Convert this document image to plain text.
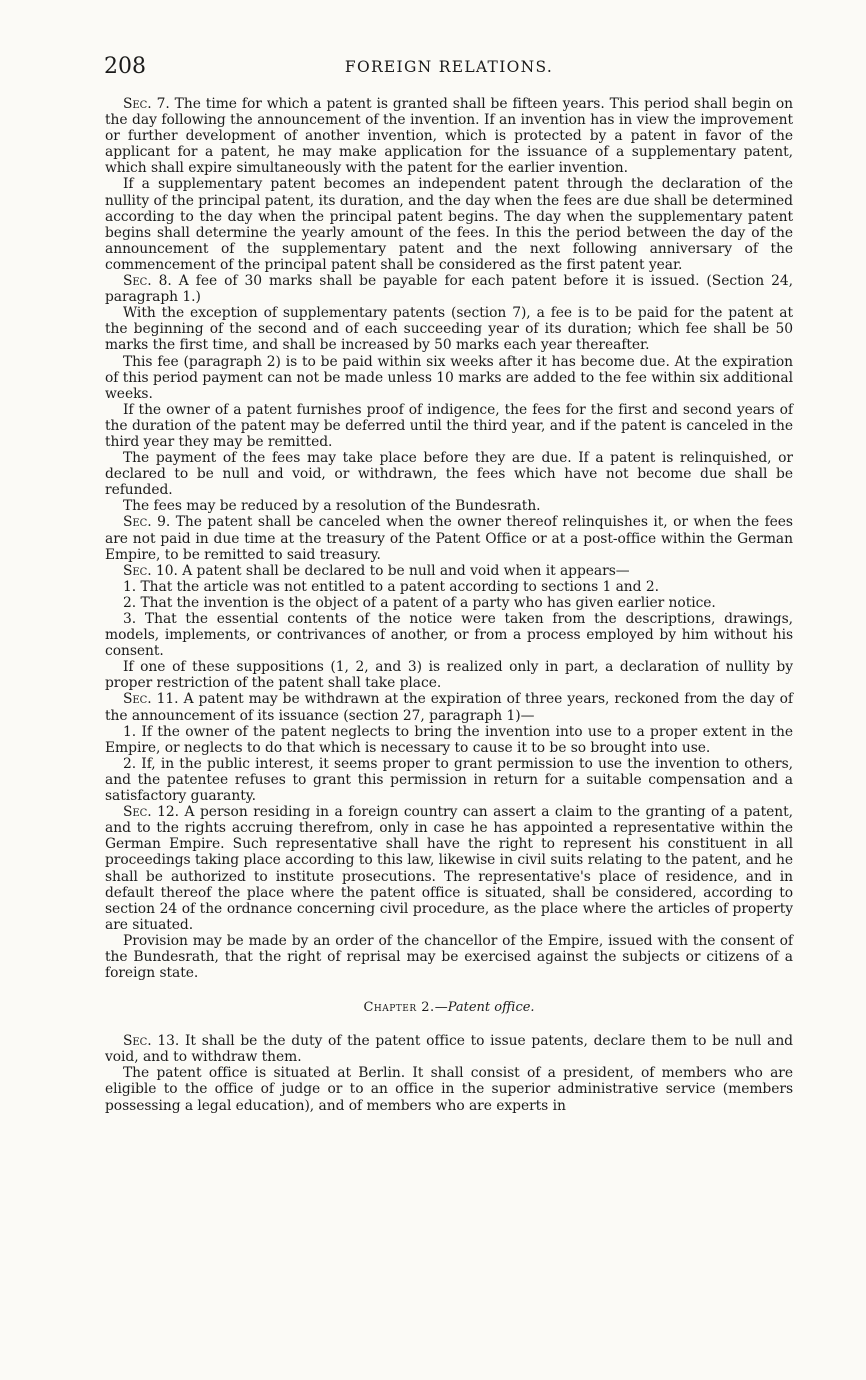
208	FOREIGN RELATIONS.

Sec. 7. The time for which a patent is granted shall be fifteen years. This period shall begin on the day following the announcement of the invention. If an invention has in view the improvement or further development of another invention, which is protected by a patent in favor of the applicant for a patent, he may make application for the issuance of a supplementary patent, which shall expire simultaneously with the patent for the earlier invention.

If a supplementary patent becomes an independent patent through the declaration of the nullity of the principal patent, its duration, and the day when the fees are due shall be determined according to the day when the principal patent begins. The day when the supplementary patent begins shall determine the yearly amount of the fees. In this the period between the day of the announcement of the supplementary patent and the next following anniversary of the commencement of the principal patent shall be considered as the first patent year.

Sec. 8. A fee of 30 marks shall be payable for each patent before it is issued. (Section 24, paragraph 1.)

With the exception of supplementary patents (section 7), a fee is to be paid for the patent at the beginning of the second and of each succeeding year of its duration; which fee shall be 50 marks the first time, and shall be increased by 50 marks each year thereafter.

This fee (paragraph 2) is to be paid within six weeks after it has become due. At the expiration of this period payment can not be made unless 10 marks are added to the fee within six additional weeks.

If the owner of a patent furnishes proof of indigence, the fees for the first and second years of the duration of the patent may be deferred until the third year, and if the patent is canceled in the third year they may be remitted.

The payment of the fees may take place before they are due. If a patent is relinquished, or declared to be null and void, or withdrawn, the fees which have not become due shall be refunded.

The fees may be reduced by a resolution of the Bundesrath.

Sec. 9. The patent shall be canceled when the owner thereof relinquishes it, or when the fees are not paid in due time at the treasury of the Patent Office or at a post-office within the German Empire, to be remitted to said treasury.

Sec. 10. A patent shall be declared to be null and void when it appears—

1. That the article was not entitled to a patent according to sections 1 and 2.

2. That the invention is the object of a patent of a party who has given earlier notice.

3. That the essential contents of the notice were taken from the descriptions, drawings, models, implements, or contrivances of another, or from a process employed by him without his consent.

If one of these suppositions (1, 2, and 3) is realized only in part, a declaration of nullity by proper restriction of the patent shall take place.

Sec. 11. A patent may be withdrawn at the expiration of three years, reckoned from the day of the announcement of its issuance (section 27, paragraph 1)—

1. If the owner of the patent neglects to bring the invention into use to a proper extent in the Empire, or neglects to do that which is necessary to cause it to be so brought into use.

2. If, in the public interest, it seems proper to grant permission to use the invention to others, and the patentee refuses to grant this permission in return for a suitable compensation and a satisfactory guaranty.

Sec. 12. A person residing in a foreign country can assert a claim to the granting of a patent, and to the rights accruing therefrom, only in case he has appointed a representative within the German Empire. Such representative shall have the right to represent his constituent in all proceedings taking place according to this law, likewise in civil suits relating to the patent, and he shall be authorized to institute prosecutions. The representative's place of residence, and in default thereof the place where the patent office is situated, shall be considered, according to section 24 of the ordnance concerning civil procedure, as the place where the articles of property are situated.

Provision may be made by an order of the chancellor of the Empire, issued with the consent of the Bundesrath, that the right of reprisal may be exercised against the subjects or citizens of a foreign state.

Chapter 2.—Patent office.

Sec. 13. It shall be the duty of the patent office to issue patents, declare them to be null and void, and to withdraw them.

The patent office is situated at Berlin. It shall consist of a president, of members who are eligible to the office of judge or to an office in the superior administrative service (members possessing a legal education), and of members who are experts in
